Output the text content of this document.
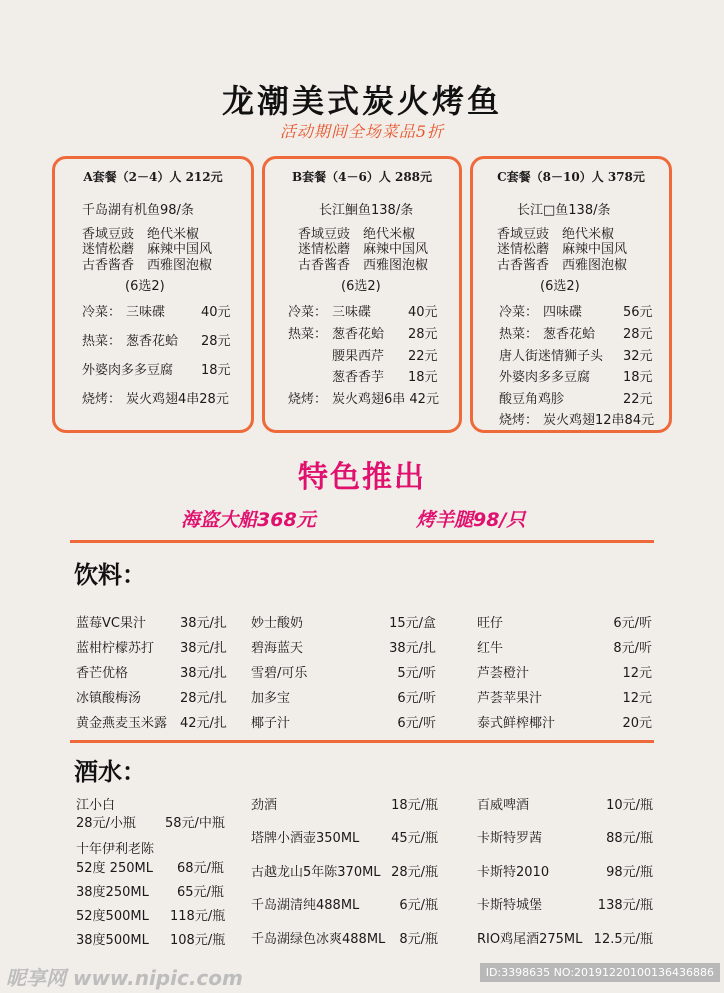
龙潮美式炭火烤鱼
活动期间全场菜品5折
A套餐（2－4）人 212元
千岛湖有机鱼98/条
香域豆豉　绝代米椒
迷情松蘑　麻辣中国风
古香酱香　西雅图泡椒
(6选2)
冷菜： 三味碟	40元
热菜： 葱香花蛤 28元
外婆肉多多豆腐 18元
烧烤： 炭火鸡翅4串28元
B套餐（4－6）人 288元
长江鮰鱼138/条
香域豆豉　绝代米椒
迷情松蘑　麻辣中国风
古香酱香　西雅图泡椒
(6选2)
冷菜： 三味碟	40元
热菜： 葱香花蛤 28元
腰果西芹 22元
葱香香芋 18元
烧烤： 炭火鸡翅6串 42元
C套餐（8－10）人 378元
长江□鱼138/条
香域豆豉　绝代米椒
迷情松蘑　麻辣中国风
古香酱香　西雅图泡椒
(6选2)
冷菜： 四味碟	56元
热菜： 葱香花蛤 28元
唐人街迷情狮子头 32元
外婆肉多多豆腐	18元
酸豆角鸡胗	22元
烧烤： 炭火鸡翅12串84元
特色推出
海盗大船368元	烤羊腿98/只
饮料：
蓝莓VC果汁	38元/扎
蓝柑柠檬苏打 38元/扎
香芒优格	38元/扎
冰镇酸梅汤	28元/扎
黄金燕麦玉米露 42元/扎
妙士酸奶	15元/盒
碧海蓝天	38元/扎
雪碧/可乐	5元/听
加多宝	6元/听
椰子汁	6元/听
旺仔	6元/听
红牛	8元/听
芦荟橙汁	12元
芦荟苹果汁	12元
泰式鲜榨椰汁	20元
酒水：
江小白
28元/小瓶 58元/中瓶
十年伊利老陈
52度 250ML 68元/瓶
38度250ML 65元/瓶
52度500ML 118元/瓶
38度500ML 108元/瓶
劲酒	18元/瓶
塔牌小酒壶350ML 45元/瓶
古越龙山5年陈370ML 28元/瓶
千岛湖清纯488ML	6元/瓶
千岛湖绿色冰爽488ML 8元/瓶
百威啤酒	10元/瓶
卡斯特罗茜	88元/瓶
卡斯特2010	98元/瓶
卡斯特城堡	138元/瓶
RIO鸡尾酒275ML 12.5元/瓶
昵享网 www.nipic.com	ID:3398635 NO:20191220100136436886
